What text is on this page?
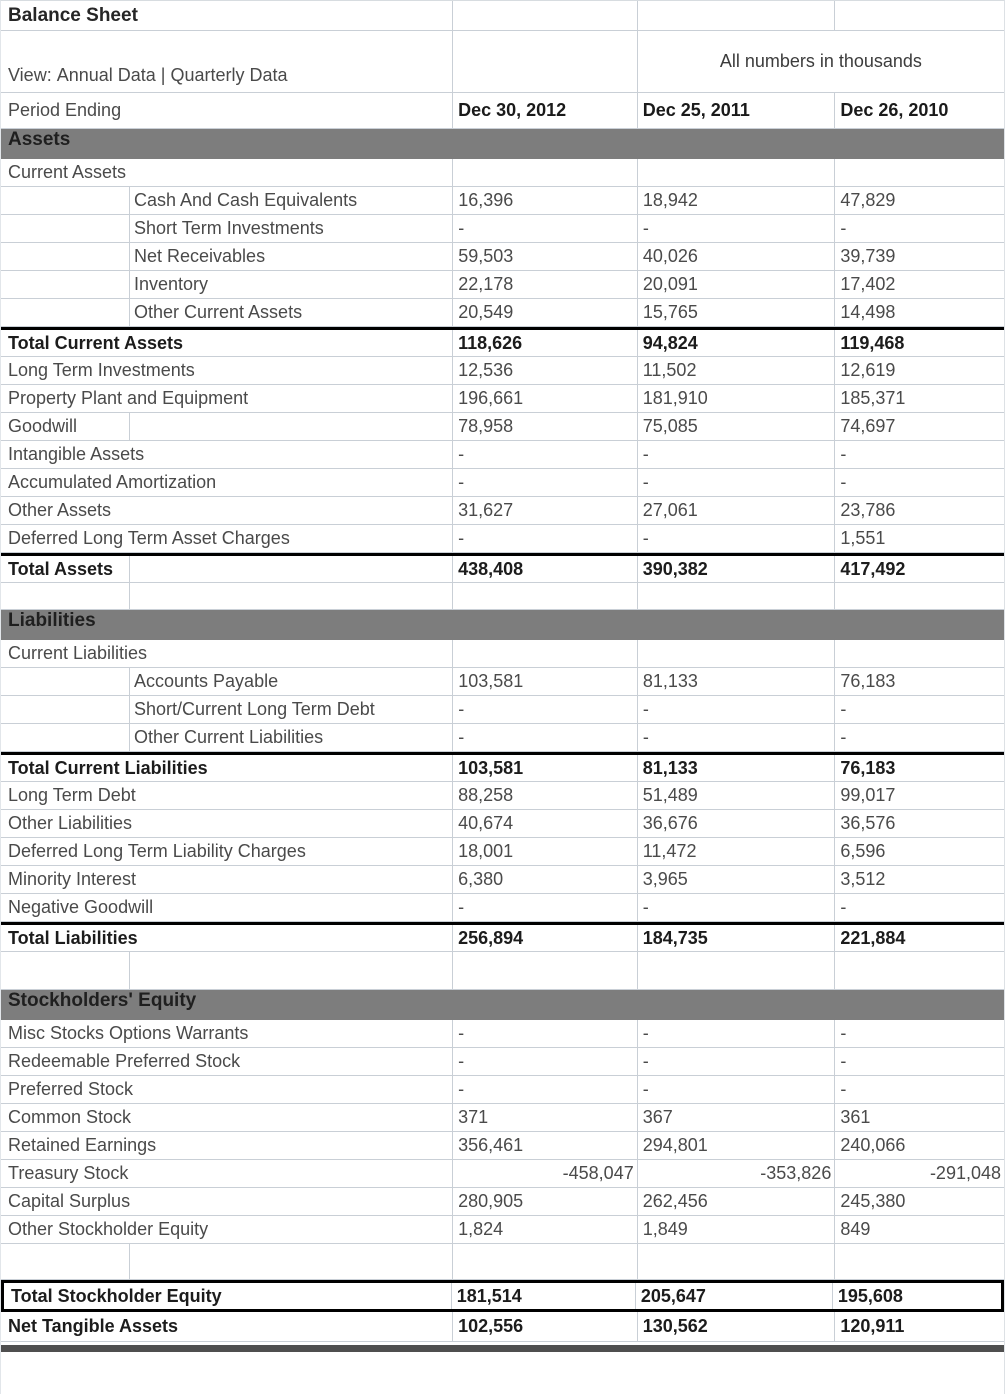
Balance Sheet
View: Annual Data | Quarterly Data
All numbers in thousands
Period Ending	Dec 30, 2012	Dec 25, 2011	Dec 26, 2010
Assets
Current Assets
Cash And Cash Equivalents	16,396	18,942	47,829
Short Term Investments	-	-	-
Net Receivables	59,503	40,026	39,739
Inventory	22,178	20,091	17,402
Other Current Assets	20,549	15,765	14,498
Total Current Assets	118,626	94,824	119,468
Long Term Investments	12,536	11,502	12,619
Property Plant and Equipment	196,661	181,910	185,371
Goodwill	78,958	75,085	74,697
Intangible Assets	-	-	-
Accumulated Amortization	-	-	-
Other Assets	31,627	27,061	23,786
Deferred Long Term Asset Charges	-	-	1,551
Total Assets	438,408	390,382	417,492
Liabilities
Current Liabilities
Accounts Payable	103,581	81,133	76,183
Short/Current Long Term Debt	-	-	-
Other Current Liabilities	-	-	-
Total Current Liabilities	103,581	81,133	76,183
Long Term Debt	88,258	51,489	99,017
Other Liabilities	40,674	36,676	36,576
Deferred Long Term Liability Charges	18,001	11,472	6,596
Minority Interest	6,380	3,965	3,512
Negative Goodwill	-	-	-
Total Liabilities	256,894	184,735	221,884
Stockholders' Equity
Misc Stocks Options Warrants	-	-	-
Redeemable Preferred Stock	-	-	-
Preferred Stock	-	-	-
Common Stock	371	367	361
Retained Earnings	356,461	294,801	240,066
Treasury Stock	-458,047	-353,826	-291,048
Capital Surplus	280,905	262,456	245,380
Other Stockholder Equity	1,824	1,849	849
Total Stockholder Equity	181,514	205,647	195,608
Net Tangible Assets	102,556	130,562	120,911
